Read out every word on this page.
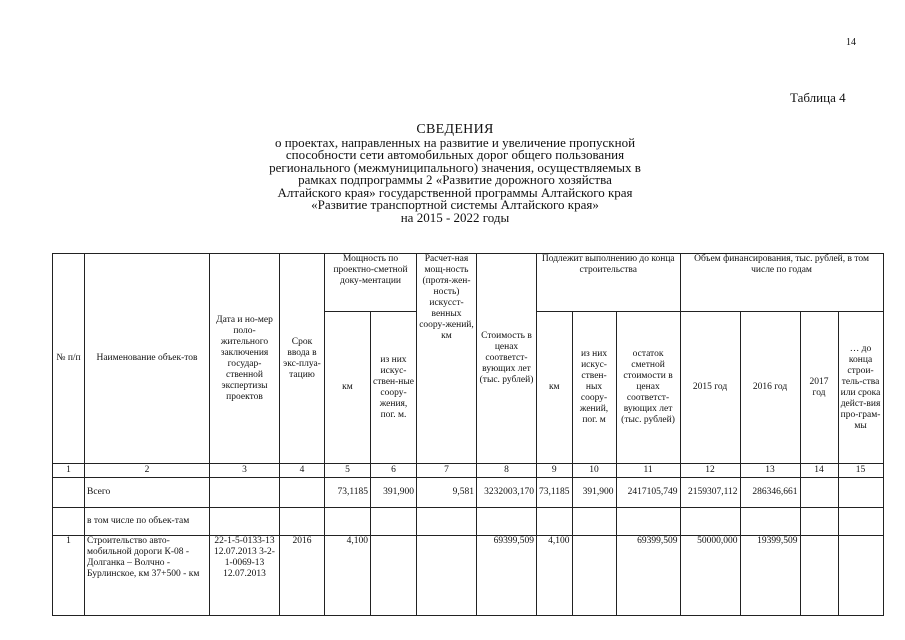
14
Таблица 4
СВЕДЕНИЯ
о проектах, направленных на развитие и увеличение пропускной
способности сети автомобильных дорог общего пользования
регионального (межмуниципального) значения, осуществляемых в
рамках подпрограммы 2 «Развитие дорожного хозяйства
Алтайского края» государственной программы Алтайского края
«Развитие транспортной системы Алтайского края»
на 2015 - 2022 годы
№ п/п	Наименование объек-тов	Дата и но-мер поло-жительного заключения государ-ственной экспертизы проектов	Срок ввода в экс-плуа-тацию	Мощность по проектно-сметной доку-ментации		Расчет-ная мощ-ность (протя-жен-ность) искусст-венных соору-жений, км	Стоимость в ценах соответст-вующих лет (тыс. рублей)	Подлежит выполнению до конца строительства			Объем финансирования, тыс. рублей, в том числе по годам			
				км	из них искус-ствен-ные соору-жения, пог. м.			км	из них искус-ствен-ных соору-жений, пог. м	остаток сметной стоимости в ценах соответст-вующих лет (тыс. рублей)	2015 год	2016 год	2017 год	… до конца строи-тель-ства или срока дейст-вия про-грам-мы
1	2	3	4	5	6	7	8	9	10	11	12	13	14	15
	Всего			73,1185	391,900	9,581	3232003,170	73,1185	391,900	2417105,749	2159307,112	286346,661		
	в том числе по объек-там													
1	Строительство авто-мобильной дороги К-08 - Долганка – Волчно - Бурлинское, км 37+500 - км	22-1-5-0133-13 12.07.2013 3-2-1-0069-13 12.07.2013	2016	4,100			69399,509	4,100		69399,509	50000,000	19399,509		
